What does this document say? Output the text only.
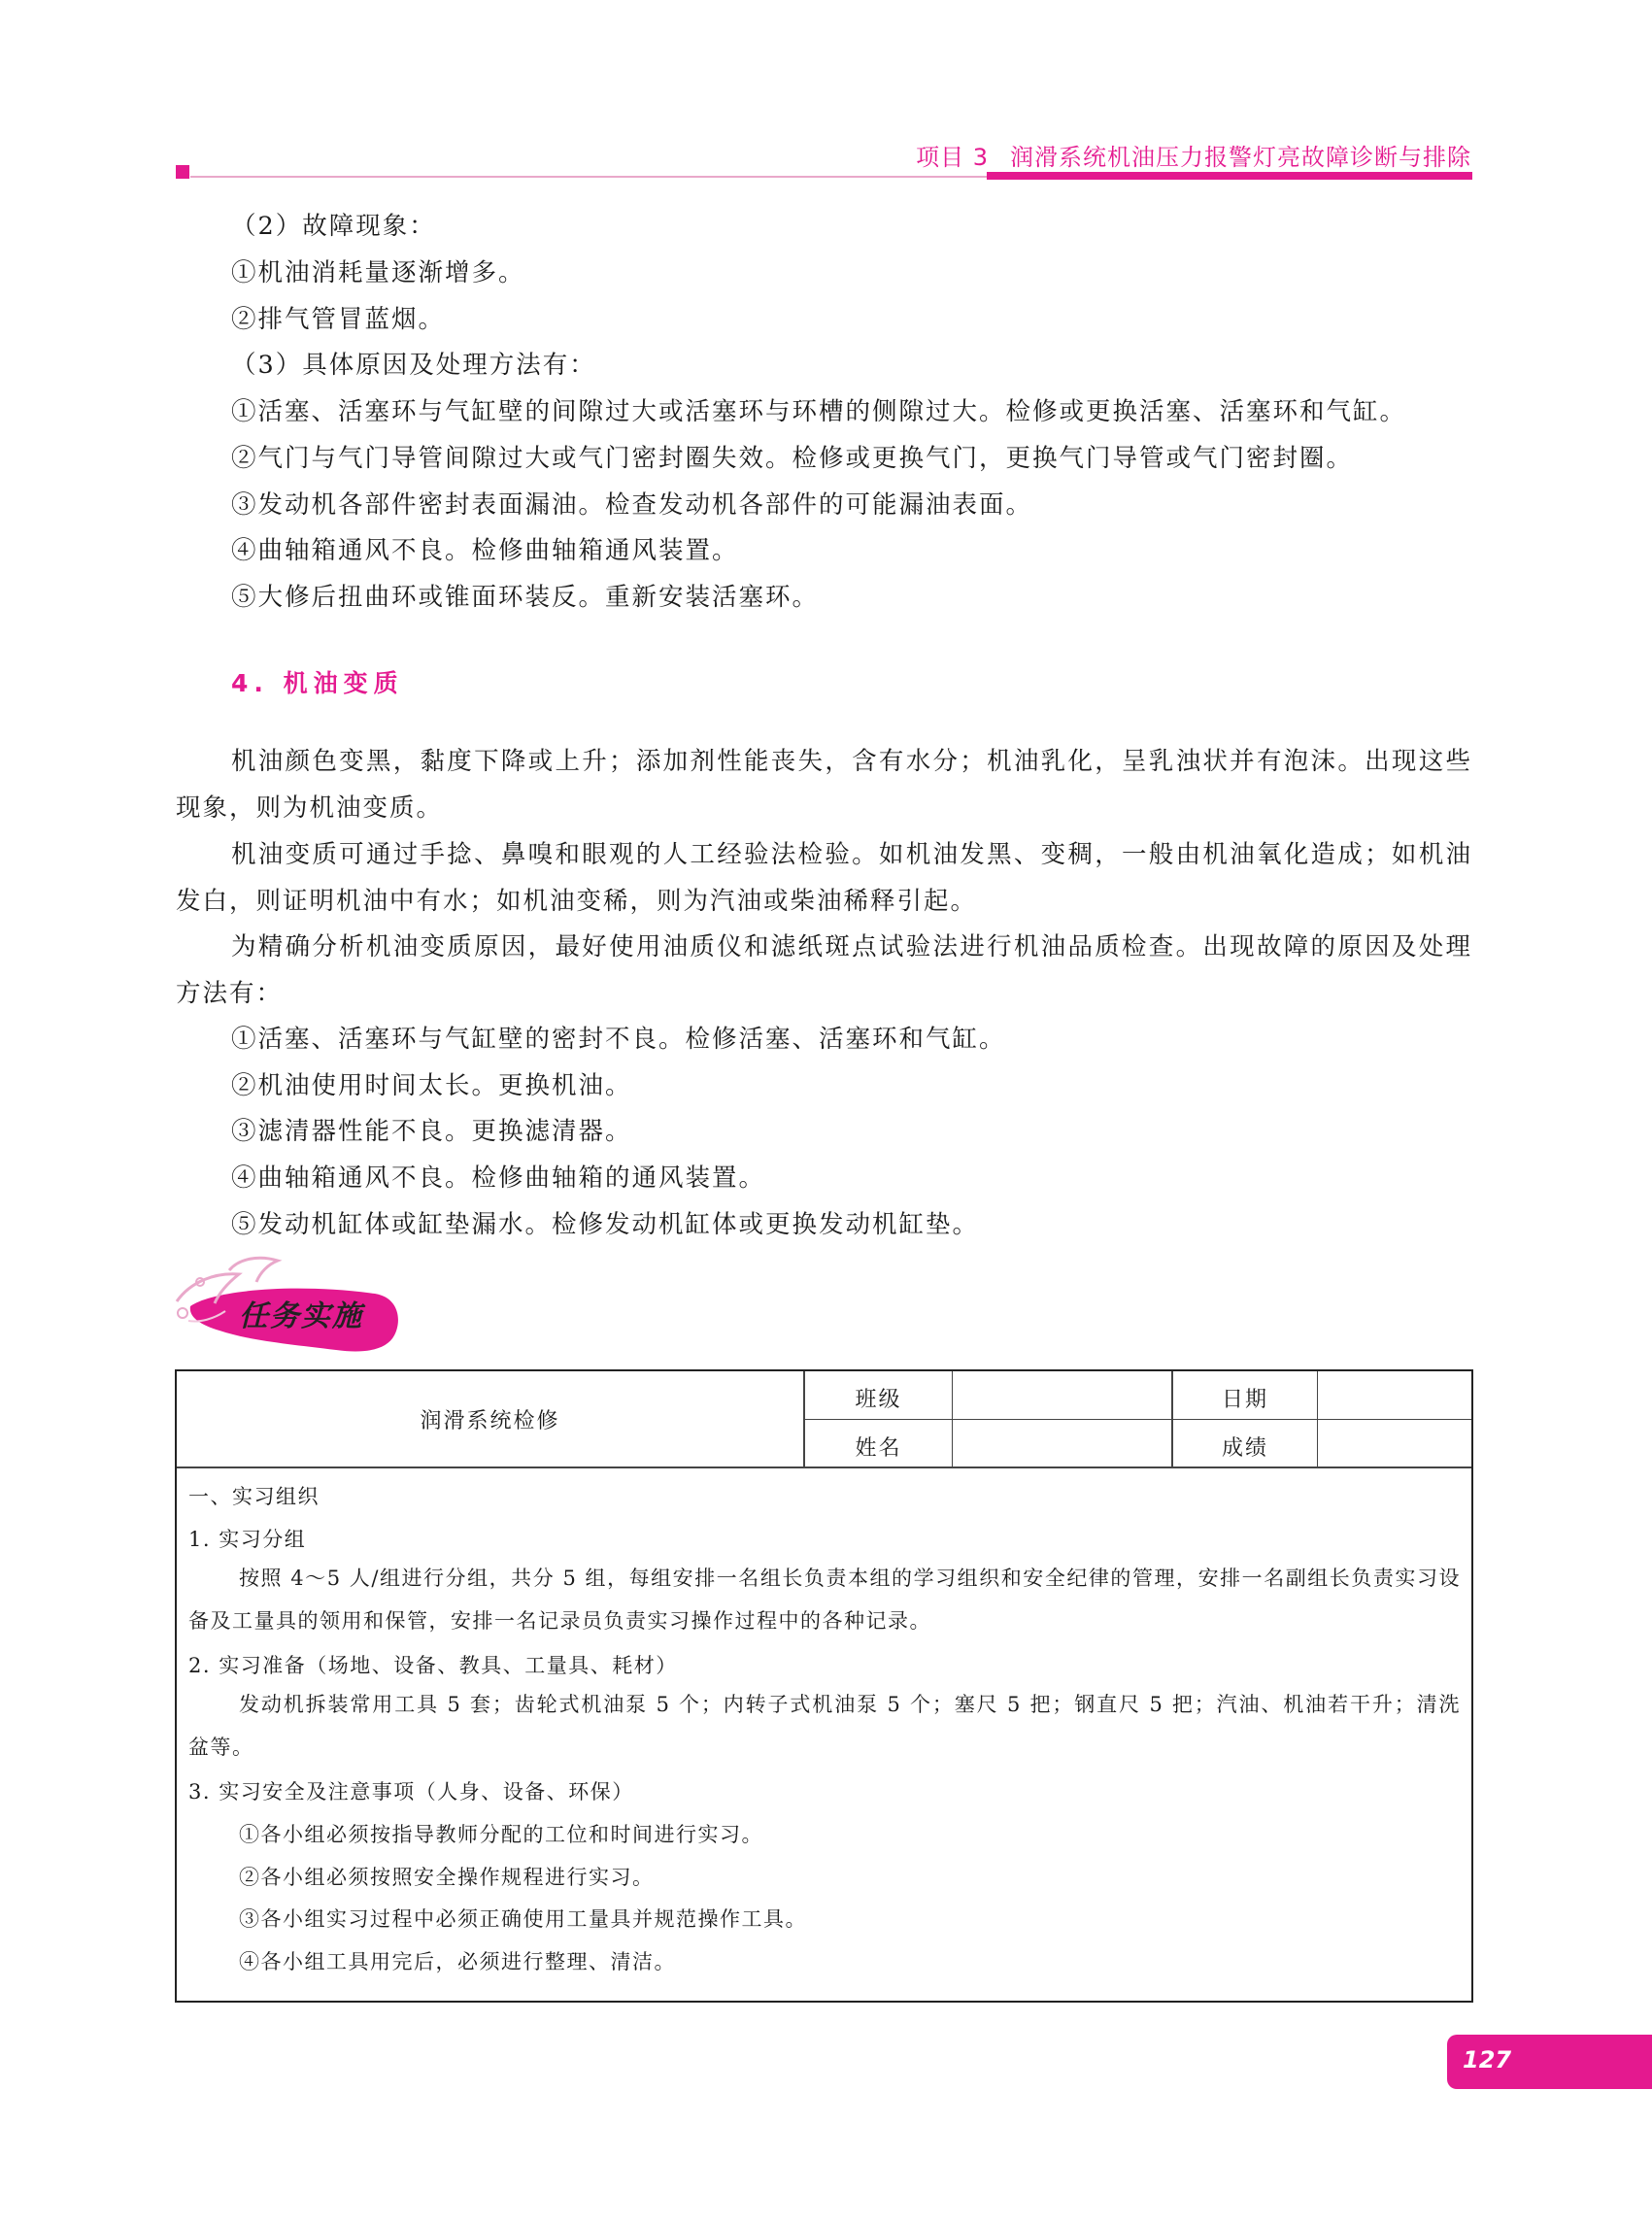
项目 3 润滑系统机油压力报警灯亮故障诊断与排除
（2）故障现象：
①机油消耗量逐渐增多。
②排气管冒蓝烟。
（3）具体原因及处理方法有：
①活塞、活塞环与气缸壁的间隙过大或活塞环与环槽的侧隙过大。检修或更换活塞、活塞环和气缸。
②气门与气门导管间隙过大或气门密封圈失效。检修或更换气门，更换气门导管或气门密封圈。
③发动机各部件密封表面漏油。检查发动机各部件的可能漏油表面。
④曲轴箱通风不良。检修曲轴箱通风装置。
⑤大修后扭曲环或锥面环装反。重新安装活塞环。
4. 机油变质

机油颜色变黑，黏度下降或上升；添加剂性能丧失，含有水分；机油乳化，呈乳浊状并有泡沫。出现这些现象，则为机油变质。

机油变质可通过手捻、鼻嗅和眼观的人工经验法检验。如机油发黑、变稠，一般由机油氧化造成；如机油发白，则证明机油中有水；如机油变稀，则为汽油或柴油稀释引起。

为精确分析机油变质原因，最好使用油质仪和滤纸斑点试验法进行机油品质检查。出现故障的原因及处理方法有：

①活塞、活塞环与气缸壁的密封不良。检修活塞、活塞环和气缸。
②机油使用时间太长。更换机油。
③滤清器性能不良。更换滤清器。
④曲轴箱通风不良。检修曲轴箱的通风装置。
⑤发动机缸体或缸垫漏水。检修发动机缸体或更换发动机缸垫。
任务实施
润滑系统检修
班级	日期
姓名	成绩
一、实习组织
1. 实习分组
按照 4～5 人/组进行分组，共分 5 组，每组安排一名组长负责本组的学习组织和安全纪律的管理，安排一名副组长负责实习设备及工量具的领用和保管，安排一名记录员负责实习操作过程中的各种记录。
2. 实习准备（场地、设备、教具、工量具、耗材）
发动机拆装常用工具 5 套；齿轮式机油泵 5 个；内转子式机油泵 5 个；塞尺 5 把；钢直尺 5 把；汽油、机油若干升；清洗盆等。
3. 实习安全及注意事项（人身、设备、环保）
①各小组必须按指导教师分配的工位和时间进行实习。
②各小组必须按照安全操作规程进行实习。
③各小组实习过程中必须正确使用工量具并规范操作工具。
④各小组工具用完后，必须进行整理、清洁。
127
